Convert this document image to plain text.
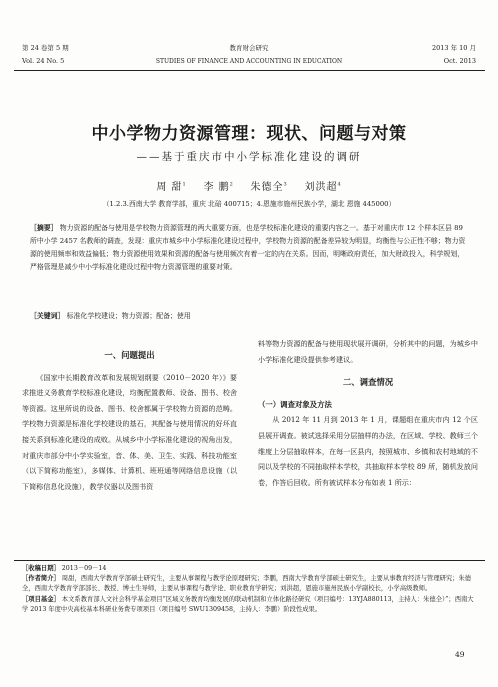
第 24 卷第 5 期
Vol. 24 No. 5
教育财会研究
STUDIES OF FINANCE AND ACCOUNTING IN EDUCATION
2013 年 10 月
Oct. 2013
中小学物力资源管理：现状、问题与对策
——基于重庆市中小学标准化建设的调研
周 甜$^1$ 李 鹏$^2$ 朱德全$^3$ 刘洪超$^4$
（1.2.3.西南大学 教育学部，重庆 北碚 400715；4.恩施市施州民族小学，湖北 恩施 445000）
［摘要］ 物力资源的配备与使用是学校物力资源管理的两大重要方面，也是学校标准化建设的重要内容之一。基于对重庆市 12 个样本区县 89 所中小学 2457 名教师的调查，发现：重庆市城乡中小学标准化建设过程中，学校物力资源的配备差异较为明显，均衡性与公正性不够；物力资源的使用频率和效益偏低；物力资源使用效果和资源的配备与使用频次有着一定的内在关系。因而，明晰政府责任，加大财政投入，科学规划，严格管理是减少中小学标准化建设过程中物力资源管理的重要对策。
［关键词］ 标准化学校建设；物力资源；配备；使用
一、问题提出

《国家中长期教育改革和发展规划纲要（2010－2020 年）》要求推进义务教育学校标准化建设，均衡配置教师、设备、图书、校舍等资源。这里所说的设备、图书、校舍都属于学校物力资源的范畴。学校物力资源是标准化学校建设的基石，其配备与使用情况的好坏直接关系到标准化建设的成败。从城乡中小学标准化建设的视角出发，对重庆市部分中小学实验室，音、体、美、卫生、实践、科技功能室（以下简称功能室），多媒体、计算机、班班通等网络信息设施（以下简称信息化设施），教学仪器以及图书资

料等物力资源的配备与使用现状展开调研，分析其中的问题，为城乡中小学标准化建设提供参考建议。

二、调查情况
（一）调查对象及方法

从 2012 年 11 月到 2013 年 1 月，课题组在重庆市内 12 个区县展开调查。被试选择采用分层抽样的办法，在区域、学校、教师三个维度上分层抽取样本，在每一区县内，按照城市、乡镇和农村地域的不同以及学校的不同抽取样本学校，共抽取样本学校 89 所，随机发放问卷，作答后回收。所有被试样本分布如表 1 所示：

［收稿日期］ 2013－09－14
［作者简介］ 周甜，西南大学教育学部硕士研究生，主要从事课程与教学论原理研究；李鹏，西南大学教育学部硕士研究生，主要从事教育经济与管理研究；朱德全，西南大学教育学部部长、教授、博士生导师，主要从事课程与教学论、职业教育学研究；刘洪超，恩施市施州民族小学副校长，小学高级教师。
［项目基金］ 本文系教育部人文社会科学基金项目“区域义务教育均衡发展的联动机制和立体化路径研究（项目编号：13YJA880113，主持人：朱德全）”；西南大学 2013 年度中央高校基本科研业务费专项项目（项目编号 SWU1309458，主持人：李鹏）阶段性成果。
49
